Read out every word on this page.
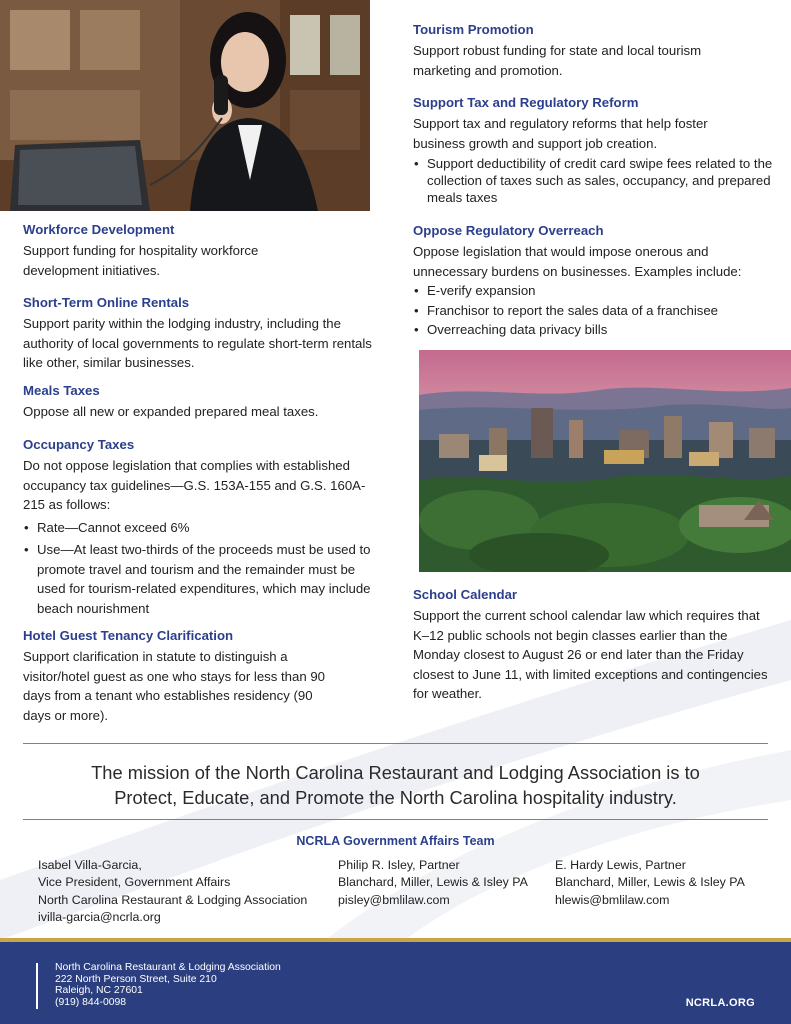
Workforce Development
Support funding for hospitality workforce development initiatives.
Short-Term Online Rentals
Support parity within the lodging industry, including the authority of local governments to regulate short-term rentals like other, similar businesses.
Meals Taxes
Oppose all new or expanded prepared meal taxes.
Occupancy Taxes
Do not oppose legislation that complies with established occupancy tax guidelines—G.S. 153A-155 and G.S. 160A-215 as follows:
• Rate—Cannot exceed 6%
• Use—At least two-thirds of the proceeds must be used to promote travel and tourism and the remainder must be used for tourism-related expenditures, which may include beach nourishment
Hotel Guest Tenancy Clarification
Support clarification in statute to distinguish a visitor/hotel guest as one who stays for less than 90 days from a tenant who establishes residency (90 days or more).
Tourism Promotion
Support robust funding for state and local tourism marketing and promotion.
Support Tax and Regulatory Reform
Support tax and regulatory reforms that help foster business growth and support job creation.
• Support deductibility of credit card swipe fees related to the collection of taxes such as sales, occupancy, and prepared meals taxes
Oppose Regulatory Overreach
Oppose legislation that would impose onerous and unnecessary burdens on businesses. Examples include:
• E-verify expansion
• Franchisor to report the sales data of a franchisee
• Overreaching data privacy bills
School Calendar
Support the current school calendar law which requires that K–12 public schools not begin classes earlier than the Monday closest to August 26 or end later than the Friday closest to June 11, with limited exceptions and contingencies for weather.
The mission of the North Carolina Restaurant and Lodging Association is to
Protect, Educate, and Promote the North Carolina hospitality industry.
NCRLA Government Affairs Team
Isabel Villa-Garcia,
Vice President, Government Affairs
North Carolina Restaurant & Lodging Association
ivilla-garcia@ncrla.org
Philip R. Isley, Partner
Blanchard, Miller, Lewis & Isley PA
pisley@bmlilaw.com
E. Hardy Lewis, Partner
Blanchard, Miller, Lewis & Isley PA
hlewis@bmlilaw.com
North Carolina Restaurant & Lodging Association
222 North Person Street, Suite 210
Raleigh, NC 27601
(919) 844-0098	NCRLA.ORG
